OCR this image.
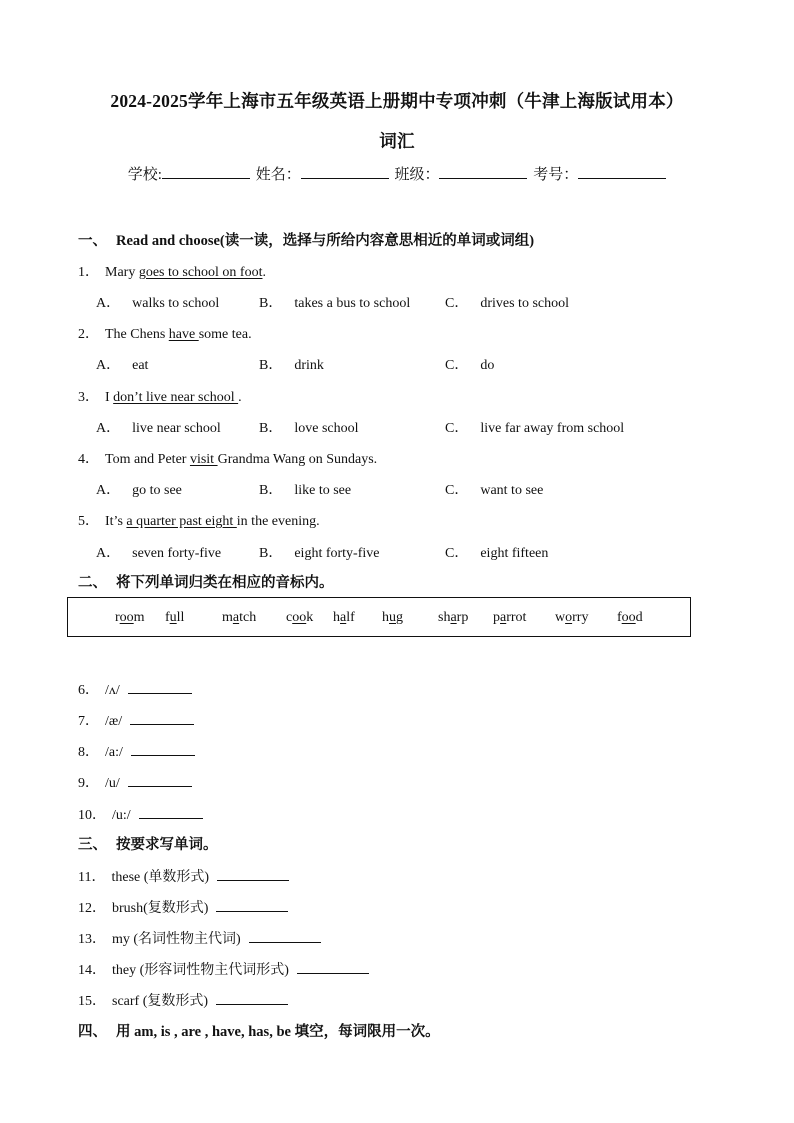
2024-2025学年上海市五年级英语上册期中专项冲刺（牛津上海版试用本）
词汇
学校:	姓名：	班级：	考号：
一、 Read and choose(读一读，选择与所给内容意思相近的单词或词组)
1． Mary goes to school on foot.
A． walks to school	B． takes a bus to school C． drives to school
2． The Chens have some tea.
A． eat	B． drink	C． do
3． I don’t live near school .
A． live near school	B． love school	C． live far away from school
4． Tom and Peter visit Grandma Wang on Sundays.
A． go to see	B． like to see	C． want to see
5． It’s a quarter past eight in the evening.
A． seven forty-five	B． eight forty-five	C． eight fifteen
二、 将下列单词归类在相应的音标内。
room full	match cook half hug	sharp parrot worry food
6． /ʌ/
7． /æ/
8． /a:/
9． /u/
10． /u:/
三、 按要求写单词。
11． these (单数形式)
12． brush(复数形式)
13． my (名词性物主代词)
14． they (形容词性物主代词形式)
15． scarf (复数形式)
四、 用 am, is , are , have, has, be 填空，每词限用一次。
